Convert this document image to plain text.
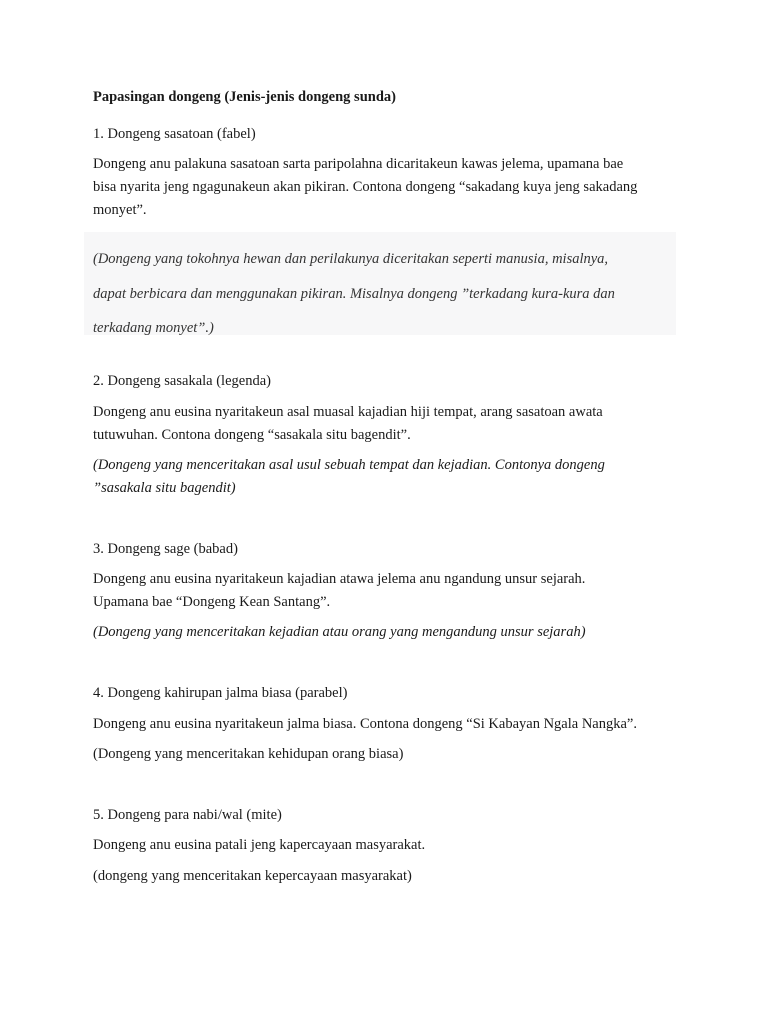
Papasingan dongeng (Jenis-jenis dongeng sunda)
1. Dongeng sasatoan (fabel)
Dongeng anu palakuna sasatoan sarta paripolahna dicaritakeun kawas jelema, upamana bae
bisa nyarita jeng ngagunakeun akan pikiran. Contona dongeng “sakadang kuya jeng sakadang
monyet”.
(Dongeng yang tokohnya hewan dan perilakunya diceritakan seperti manusia, misalnya,
dapat berbicara dan menggunakan pikiran. Misalnya dongeng ”terkadang kura-kura dan
terkadang monyet”.)
2. Dongeng sasakala (legenda)
Dongeng anu eusina nyaritakeun asal muasal kajadian hiji tempat, arang sasatoan awata
tutuwuhan. Contona dongeng “sasakala situ bagendit”.
(Dongeng yang menceritakan asal usul sebuah tempat dan kejadian. Contonya dongeng
”sasakala situ bagendit)
3. Dongeng sage (babad)
Dongeng anu eusina nyaritakeun kajadian atawa jelema anu ngandung unsur sejarah.
Upamana bae “Dongeng Kean Santang”.
(Dongeng yang menceritakan kejadian atau orang yang mengandung unsur sejarah)
4. Dongeng kahirupan jalma biasa (parabel)
Dongeng anu eusina nyaritakeun jalma biasa. Contona dongeng “Si Kabayan Ngala Nangka”.
(Dongeng yang menceritakan kehidupan orang biasa)
5. Dongeng para nabi/wal (mite)
Dongeng anu eusina patali jeng kapercayaan masyarakat.
(dongeng yang menceritakan kepercayaan masyarakat)
